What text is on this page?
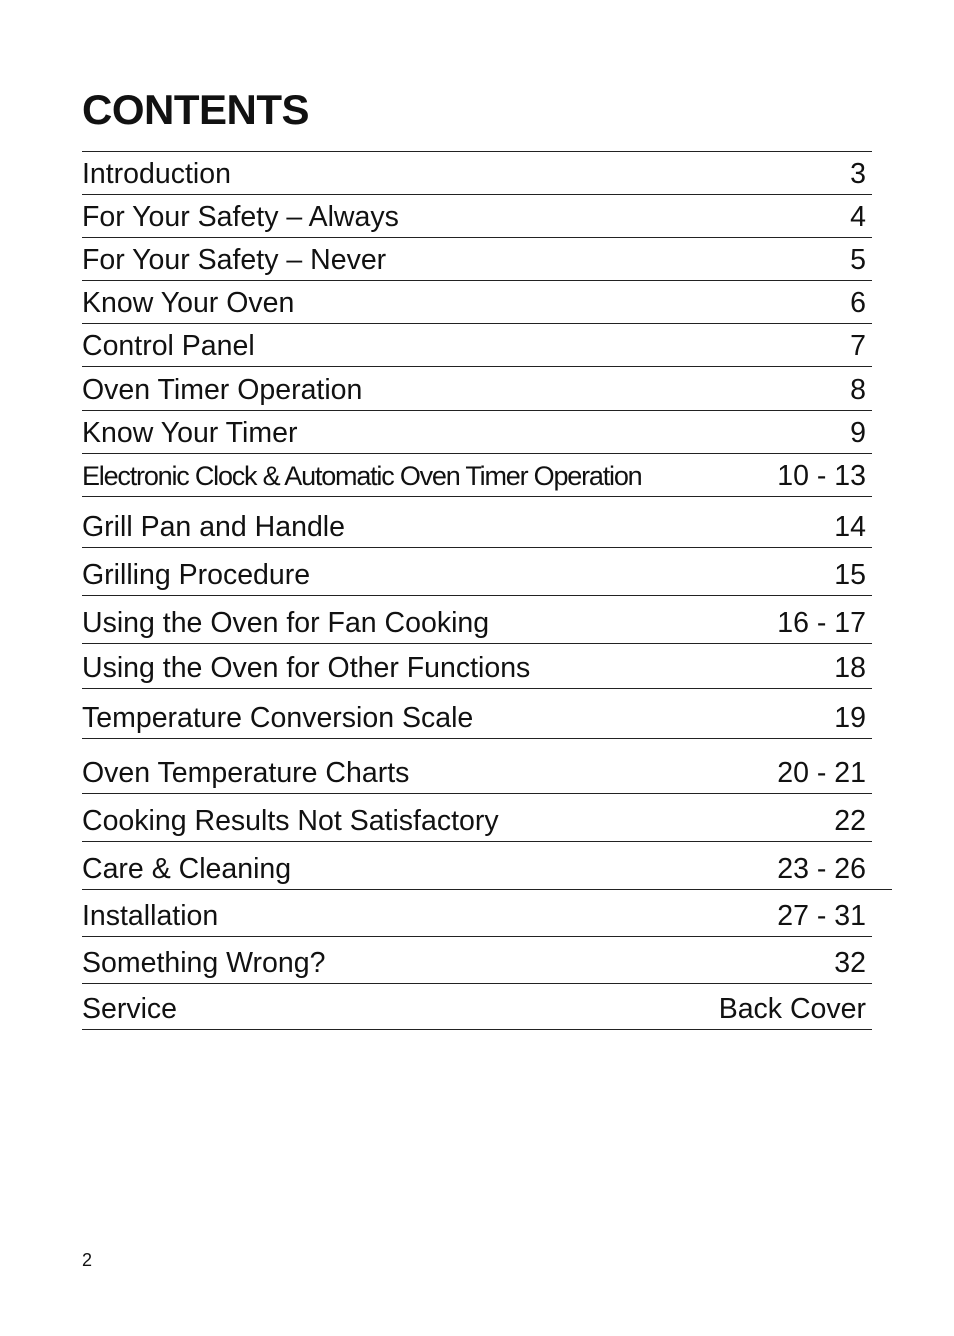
CONTENTS
Introduction	3
For Your Safety – Always	4
For Your Safety – Never	5
Know Your Oven	6
Control Panel	7
Oven Timer Operation	8
Know Your Timer	9
Electronic Clock & Automatic Oven Timer Operation	10 - 13
Grill Pan and Handle	14
Grilling Procedure	15
Using the Oven for Fan Cooking	16 - 17
Using the Oven for Other Functions	18
Temperature Conversion Scale	19
Oven Temperature Charts	20 - 21
Cooking Results Not Satisfactory	22
Care & Cleaning	23 - 26
Installation	27 - 31
Something Wrong?	32
Service	Back Cover
2
